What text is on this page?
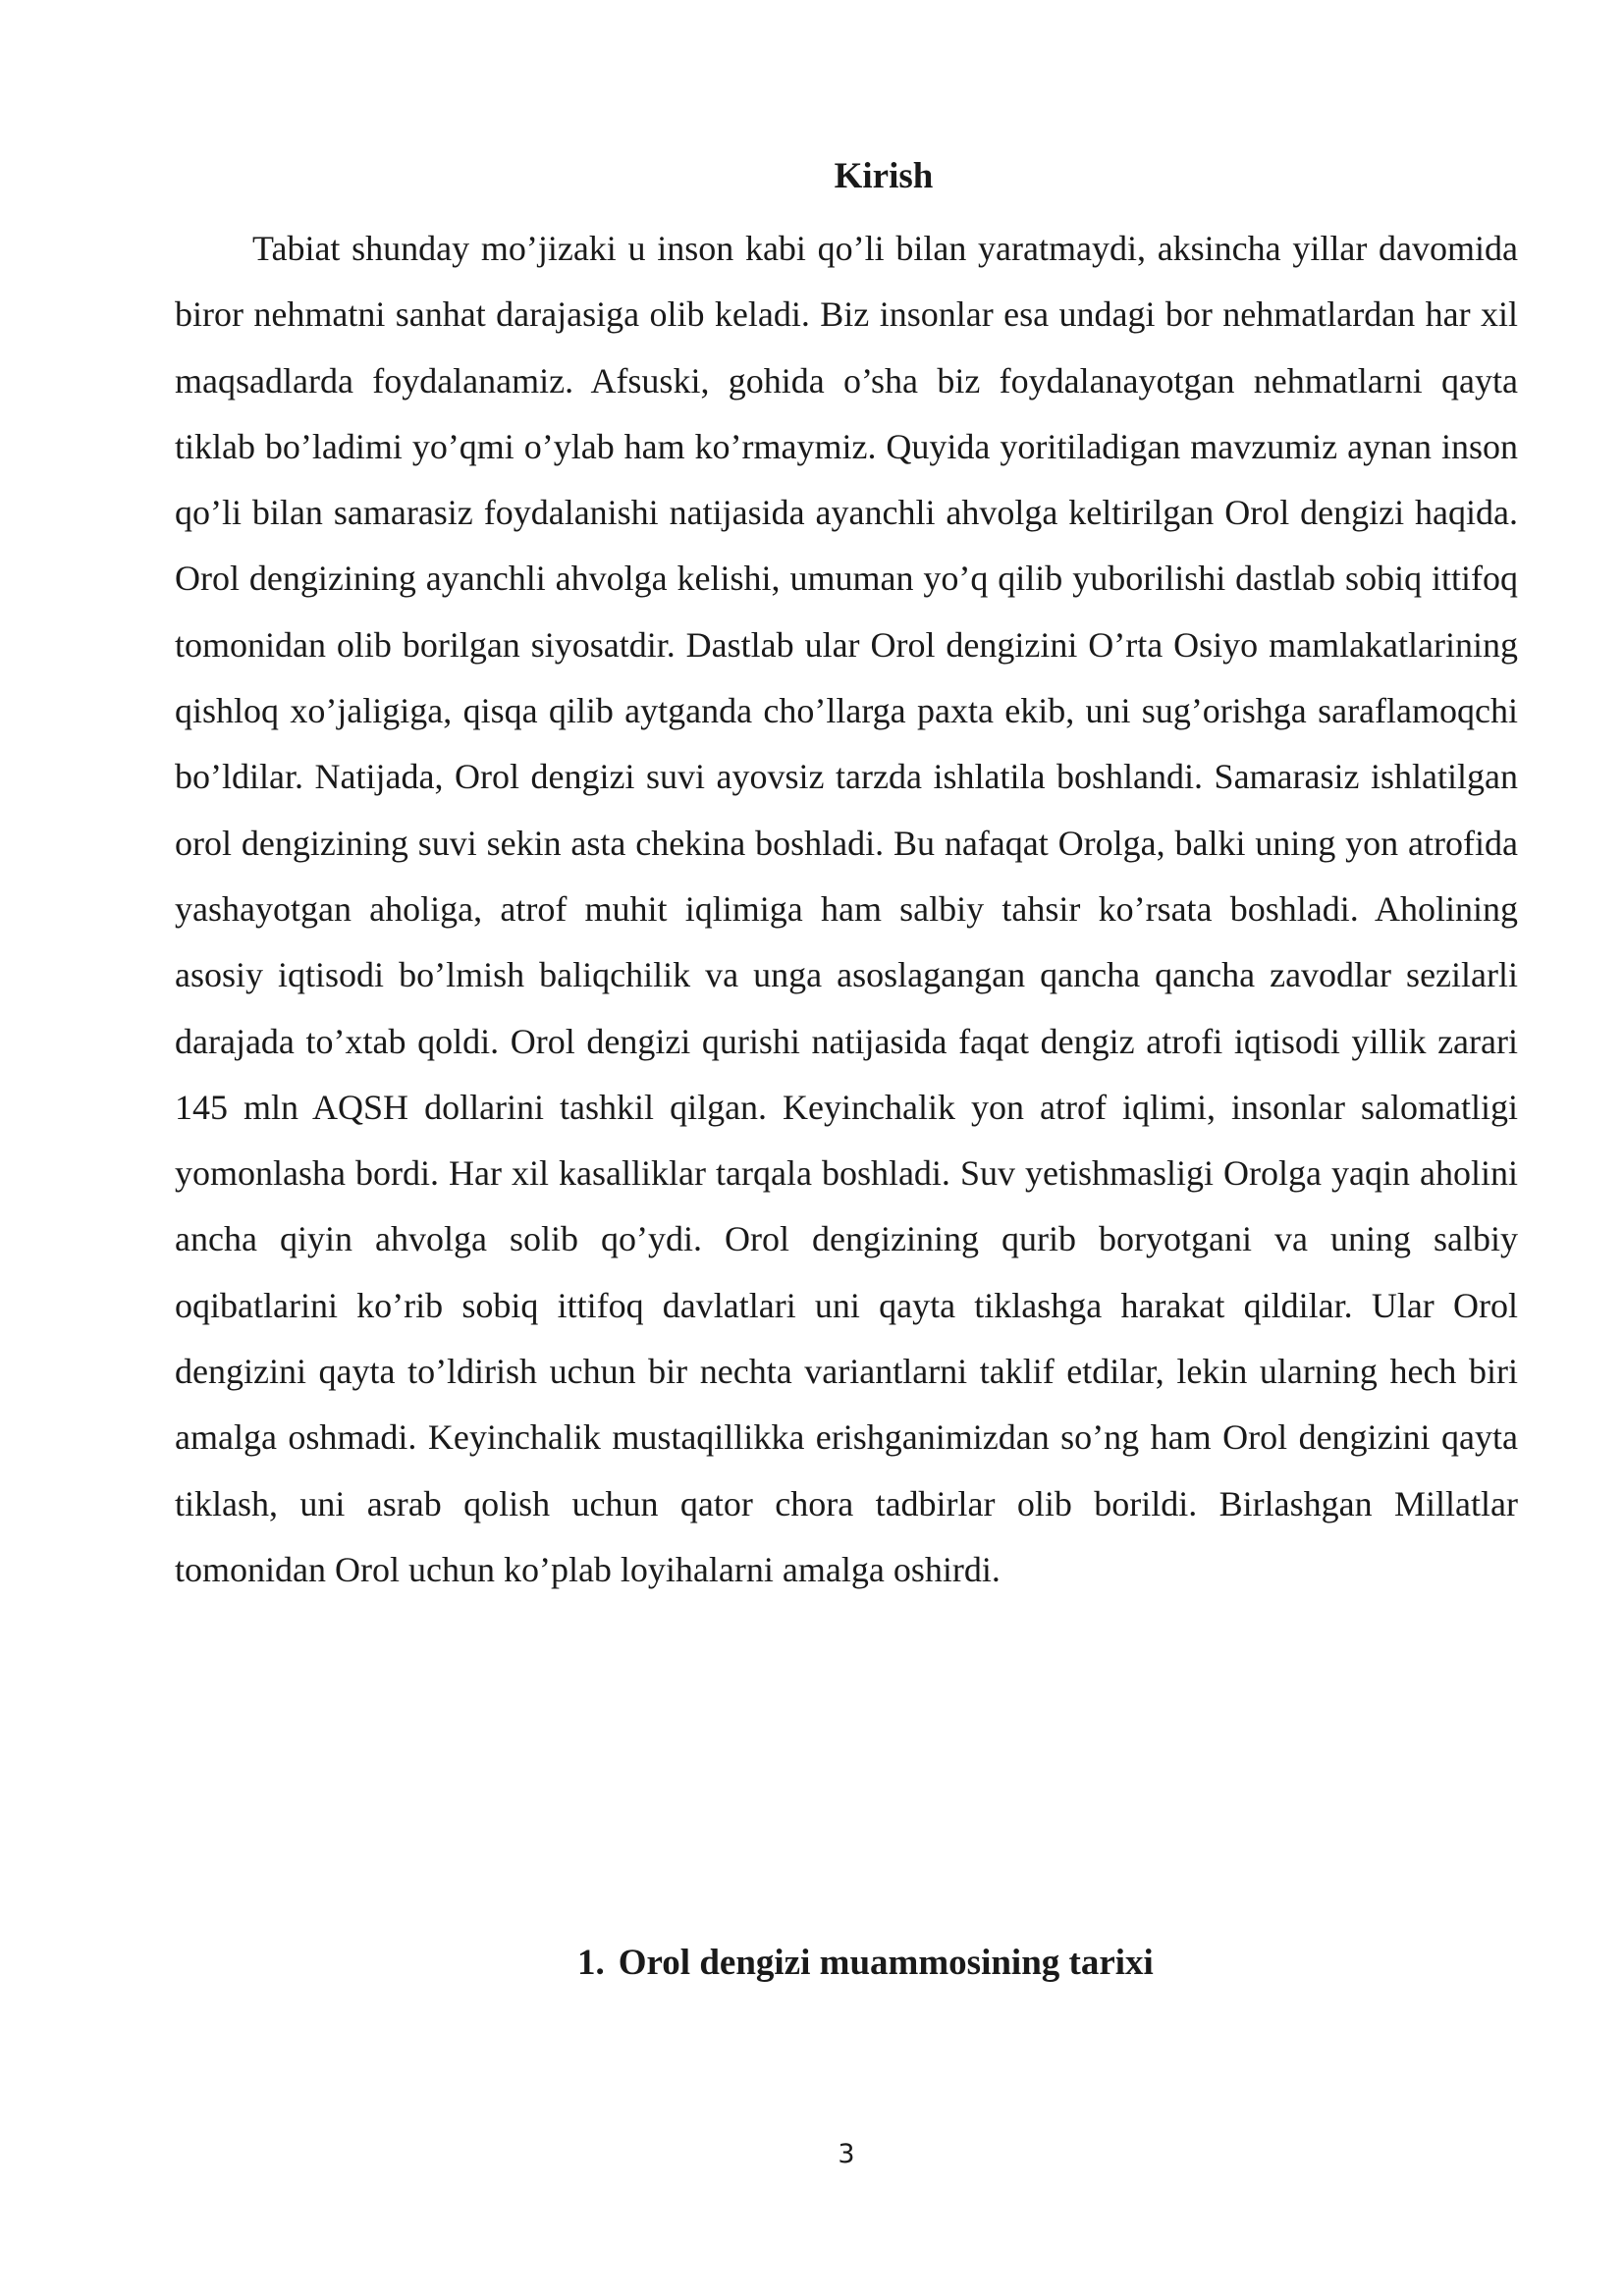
Kirish

Tabiat shunday mo’jizaki u inson kabi qo’li bilan yaratmaydi, aksincha yillar davomida biror nehmatni sanhat darajasiga olib keladi. Biz insonlar esa undagi bor nehmatlardan har xil maqsadlarda foydalanamiz. Afsuski, gohida o’sha biz foydalanayotgan nehmatlarni qayta tiklab bo’ladimi yo’qmi o’ylab ham ko’rmaymiz. Quyida yoritiladigan mavzumiz aynan inson qo’li bilan samarasiz foydalanishi natijasida ayanchli ahvolga keltirilgan Orol dengizi haqida. Orol dengizining ayanchli ahvolga kelishi, umuman yo’q qilib yuborilishi dastlab sobiq ittifoq tomonidan olib borilgan siyosatdir. Dastlab ular Orol dengizini O’rta Osiyo mamlakatlarining qishloq xo’jaligiga, qisqa qilib aytganda cho’llarga paxta ekib, uni sug’orishga saraflamoqchi bo’ldilar. Natijada, Orol dengizi suvi ayovsiz tarzda ishlatila boshlandi. Samarasiz ishlatilgan orol dengizining suvi sekin asta chekina boshladi. Bu nafaqat Orolga, balki uning yon atrofida yashayotgan aholiga, atrof muhit iqlimiga ham salbiy tahsir ko’rsata boshladi. Aholining asosiy iqtisodi bo’lmish baliqchilik va unga asoslagangan qancha qancha zavodlar sezilarli darajada to’xtab qoldi. Orol dengizi qurishi natijasida faqat dengiz atrofi iqtisodi yillik zarari 145 mln AQSH dollarini tashkil qilgan. Keyinchalik yon atrof iqlimi, insonlar salomatligi yomonlasha bordi. Har xil kasalliklar tarqala boshladi. Suv yetishmasligi Orolga yaqin aholini ancha qiyin ahvolga solib qo’ydi. Orol dengizining qurib boryotgani va uning salbiy oqibatlarini ko’rib sobiq ittifoq davlatlari uni qayta tiklashga harakat qildilar. Ular Orol dengizini qayta to’ldirish uchun bir nechta variantlarni taklif etdilar, lekin ularning hech biri amalga oshmadi. Keyinchalik mustaqillikka erishganimizdan so’ng ham Orol dengizini qayta tiklash, uni asrab qolish uchun qator chora tadbirlar olib borildi. Birlashgan Millatlar tomonidan Orol uchun ko’plab loyihalarni amalga oshirdi.

1. Orol dengizi muammosining tarixi
3
